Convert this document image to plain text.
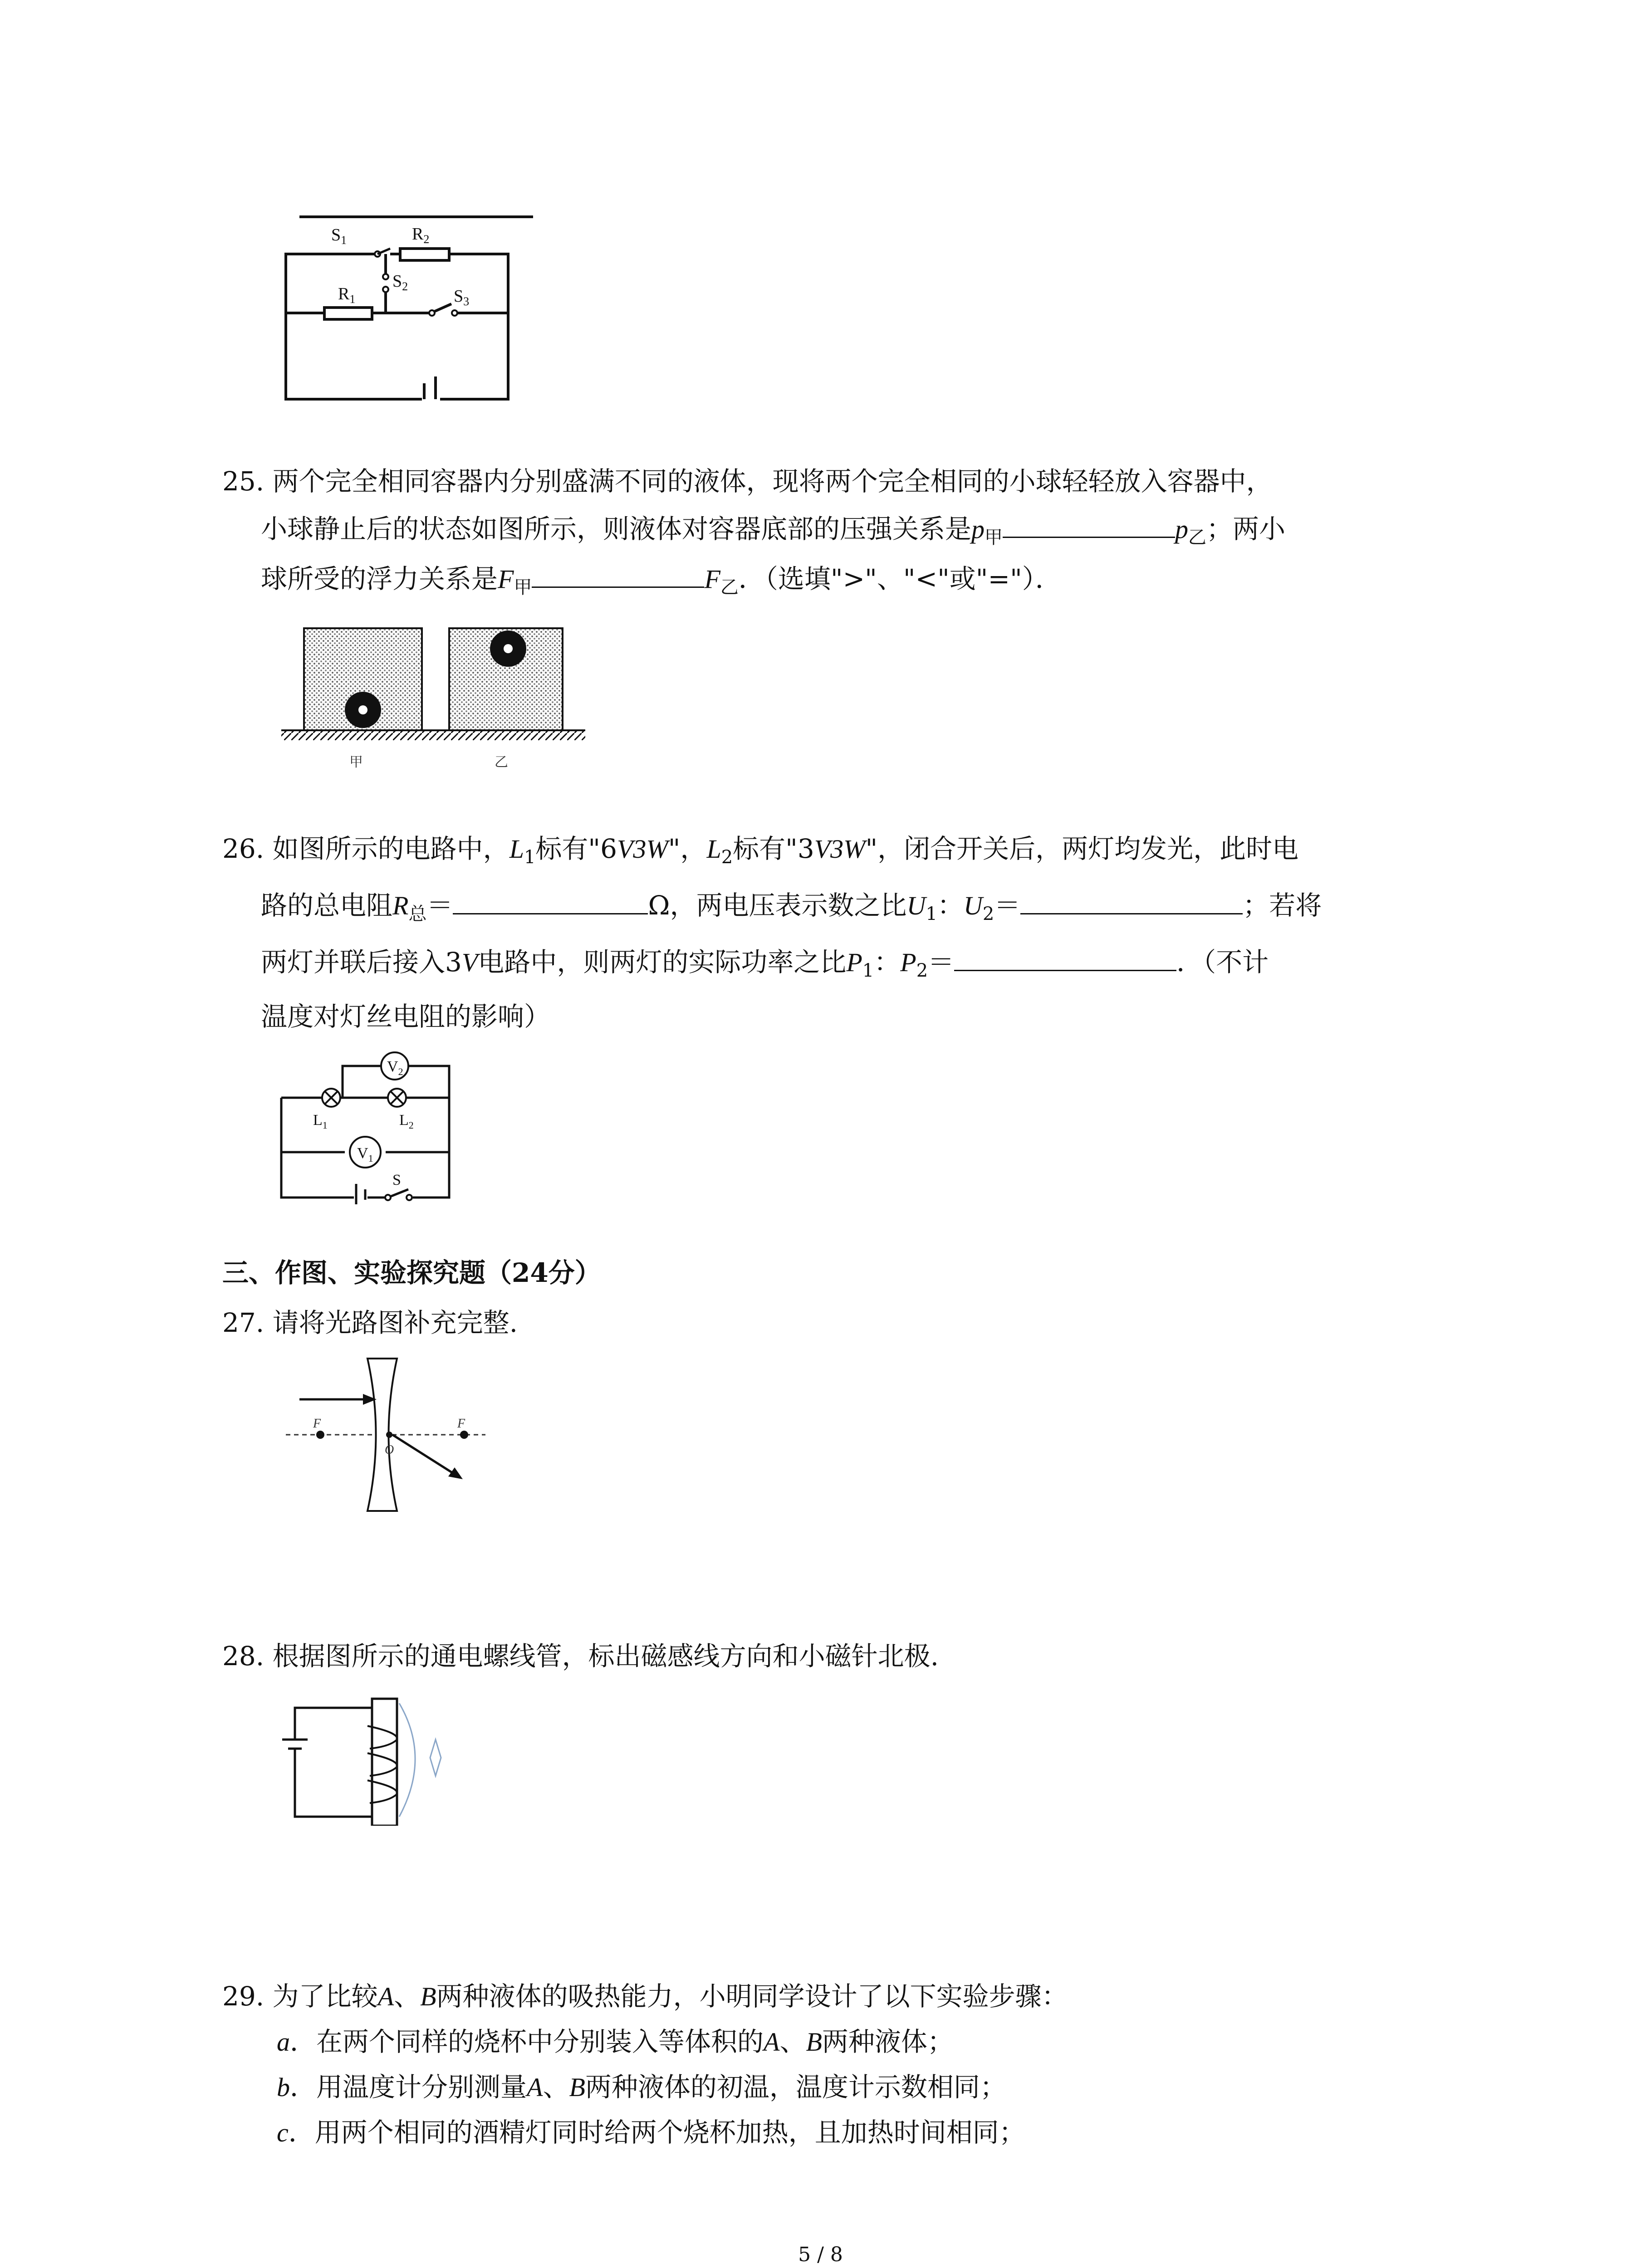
$S_1$	$R_2$
$R_1$
$S_2$
$S_3$
25. 两个完全相同容器内分别盛满不同的液体，现将两个完全相同的小球轻轻放入容器中，
小球静止后的状态如图所示，则液体对容器底部的压强关系是$p_甲$	$p_乙$；两小
球所受的浮力关系是$F_甲$	$F_乙$．（选填">"、"<"或"="）．
甲	乙
26. 如图所示的电路中，$L_1$标有"6V3W"，$L_2$标有"3V3W"，闭合开关后，两灯均发光，此时电
路的总电阻$R_总=$	Ω，两电压表示数之比$U_1$：$U_2=$	；若将
两灯并联后接入3V电路中，则两灯的实际功率之比$P_1$：$P_2=$	．（不计
温度对灯丝电阻的影响）
$V_2$
$V_1$
$L_1$	$L_2$
S
三、作图、实验探究题（24分）
27. 请将光路图补充完整.
F	F
O
28. 根据图所示的通电螺线管，标出磁感线方向和小磁针北极.
29. 为了比较A、B两种液体的吸热能力，小明同学设计了以下实验步骤：
a．在两个同样的烧杯中分别装入等体积的A、B两种液体；
b．用温度计分别测量A、B两种液体的初温，温度计示数相同；
c．用两个相同的酒精灯同时给两个烧杯加热，且加热时间相同；
5 / 8
